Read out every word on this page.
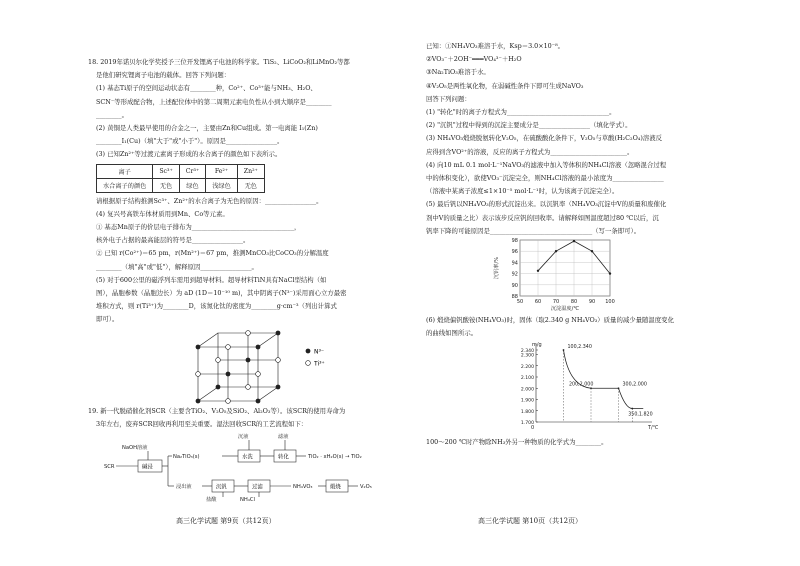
18. 2019年诺贝尔化学奖授予三位开发锂离子电池的科学家。TiS₂、LiCoO₂和LiMnO₂等都
是他们研究锂离子电池的载体。回答下列问题：
(1) 基态Ti原子的空间运动状态有________种，Co²⁺、Co³⁺能与NH₃、H₂O、
SCN⁻等形成配合物，上述配位体中的第二周期元素电负性从小到大顺序是________
________。
(2) 黄铜是人类最早使用的合金之一，主要由Zn和Cu组成。第一电离能 I₁(Zn)
________I₁(Cu)（填"大于"或"小于"）。原因是________________。
(3) 已知Zn²⁺等过渡元素离子形成的水合离子的颜色如下表所示。
离子	Sc³⁺	Cr³⁺	Fe²⁺	Zn²⁺
水合离子的颜色	无色	绿色	浅绿色	无色
请根据原子结构推测Sc³⁺、Zn²⁺的水合离子为无色的原因：________________。
(4) 复兴号高铁车体材质用到Mn、Co等元素。
① 基态Mn原子的价层电子排布为________________________________，
核外电子占据的最高能层的符号是________________。
② 已知 r(Co²⁺)＝65 pm，r(Mn²⁺)＝67 pm，推测MnCO₃比CoCO₃的分解温度
________（填"高"或"低"），解释原因________________。
(5) 对于600公里的磁浮列车需用到超导材料。超导材料TiN具有NaCl型结构（如
图），晶胞参数（晶胞边长）为 aD (1D＝10⁻¹⁰ m)，其中阴离子(N³⁻)采用面心立方最密
堆积方式，则 r(Ti³⁺)为________D，该氮化钛的密度为________g·cm⁻³（列出计算式
即可）。
N³⁻
Ti³⁺
19. 新一代脱硝催化剂SCR（主要含TiO₂、V₂O₅及SiO₂、Al₂O₃等）。该SCR的使用寿命为
3年左右，废弃SCR回收再利用至关重要。湿法回收SCR的工艺流程如下：
沉液	滤液
NaOH溶液
SCR
Na₂TiO₃(s)	TiO₂ · xH₂O(s) → TiO₂
浸出液	NH₄VO₃	V₂O₅
盐酸	NH₄Cl
碱浸
水洗	转化
沉钒	过滤	煅烧
高三化学试题 第9页（共12页）
已知：①NH₄VO₃难溶于水，Ksp＝3.0×10⁻⁸。
②VO₃⁻＋2OH⁻═══VO₄³⁻＋H₂O
③Na₂TiO₃难溶于水。
④V₂O₅是两性氧化物，在弱碱性条件下即可生成NaVO₃
回答下列问题：
(1) "转化"时的离子方程式为________________________________。
(2) "沉钒"过程中得到的沉淀主要成分是________________（填化学式）。
(3) NH₄VO₃煅烧脱氨转化V₂O₅，在硫酸酸化条件下，V₂O₅与草酸(H₂C₂O₄)溶液反
应得到含VO²⁺的溶液，反应的离子方程式为________________________。
(4) 向10 mL 0.1 mol·L⁻¹NaVO₃的滤液中加入等体积的NH₄Cl溶液（忽略混合过程
中的体积变化），欲使VO₃⁻沉淀完全，则NH₄Cl溶液的最小浓度为________________
（溶液中某离子浓度≤1×10⁻⁵ mol·L⁻¹时，认为该离子沉淀完全）。
(5) 最后钒以NH₄VO₃的形式沉淀出来。以沉钒率（NH₄VO₃沉淀中V的质量和废催化
剂中V的质量之比）表示该步反应钒的回收率。请解释如图温度超过80 ℃以后，沉
钒率下降的可能原因是________________________________（写一条即可）。
88
90
92
94
96
98
50 60 70 80 90 100
沉淀温度/℃
沉钒率/%
(6) 煅烧偏钒酸铵(NH₄VO₃)时，固体（取2.340 g NH₄VO₃）质量的减少量随温度变化
的曲线如图所示。
m/g
T/℃
0
1.700
1.800
1.900
2.000
2.100
2.200
2.300
2.340
100,2.340
200,2.000	300,2.000
350,1.820
100～200 ℃时产物除NH₃外另一种物质的化学式为________。
高三化学试题 第10页（共12页）
